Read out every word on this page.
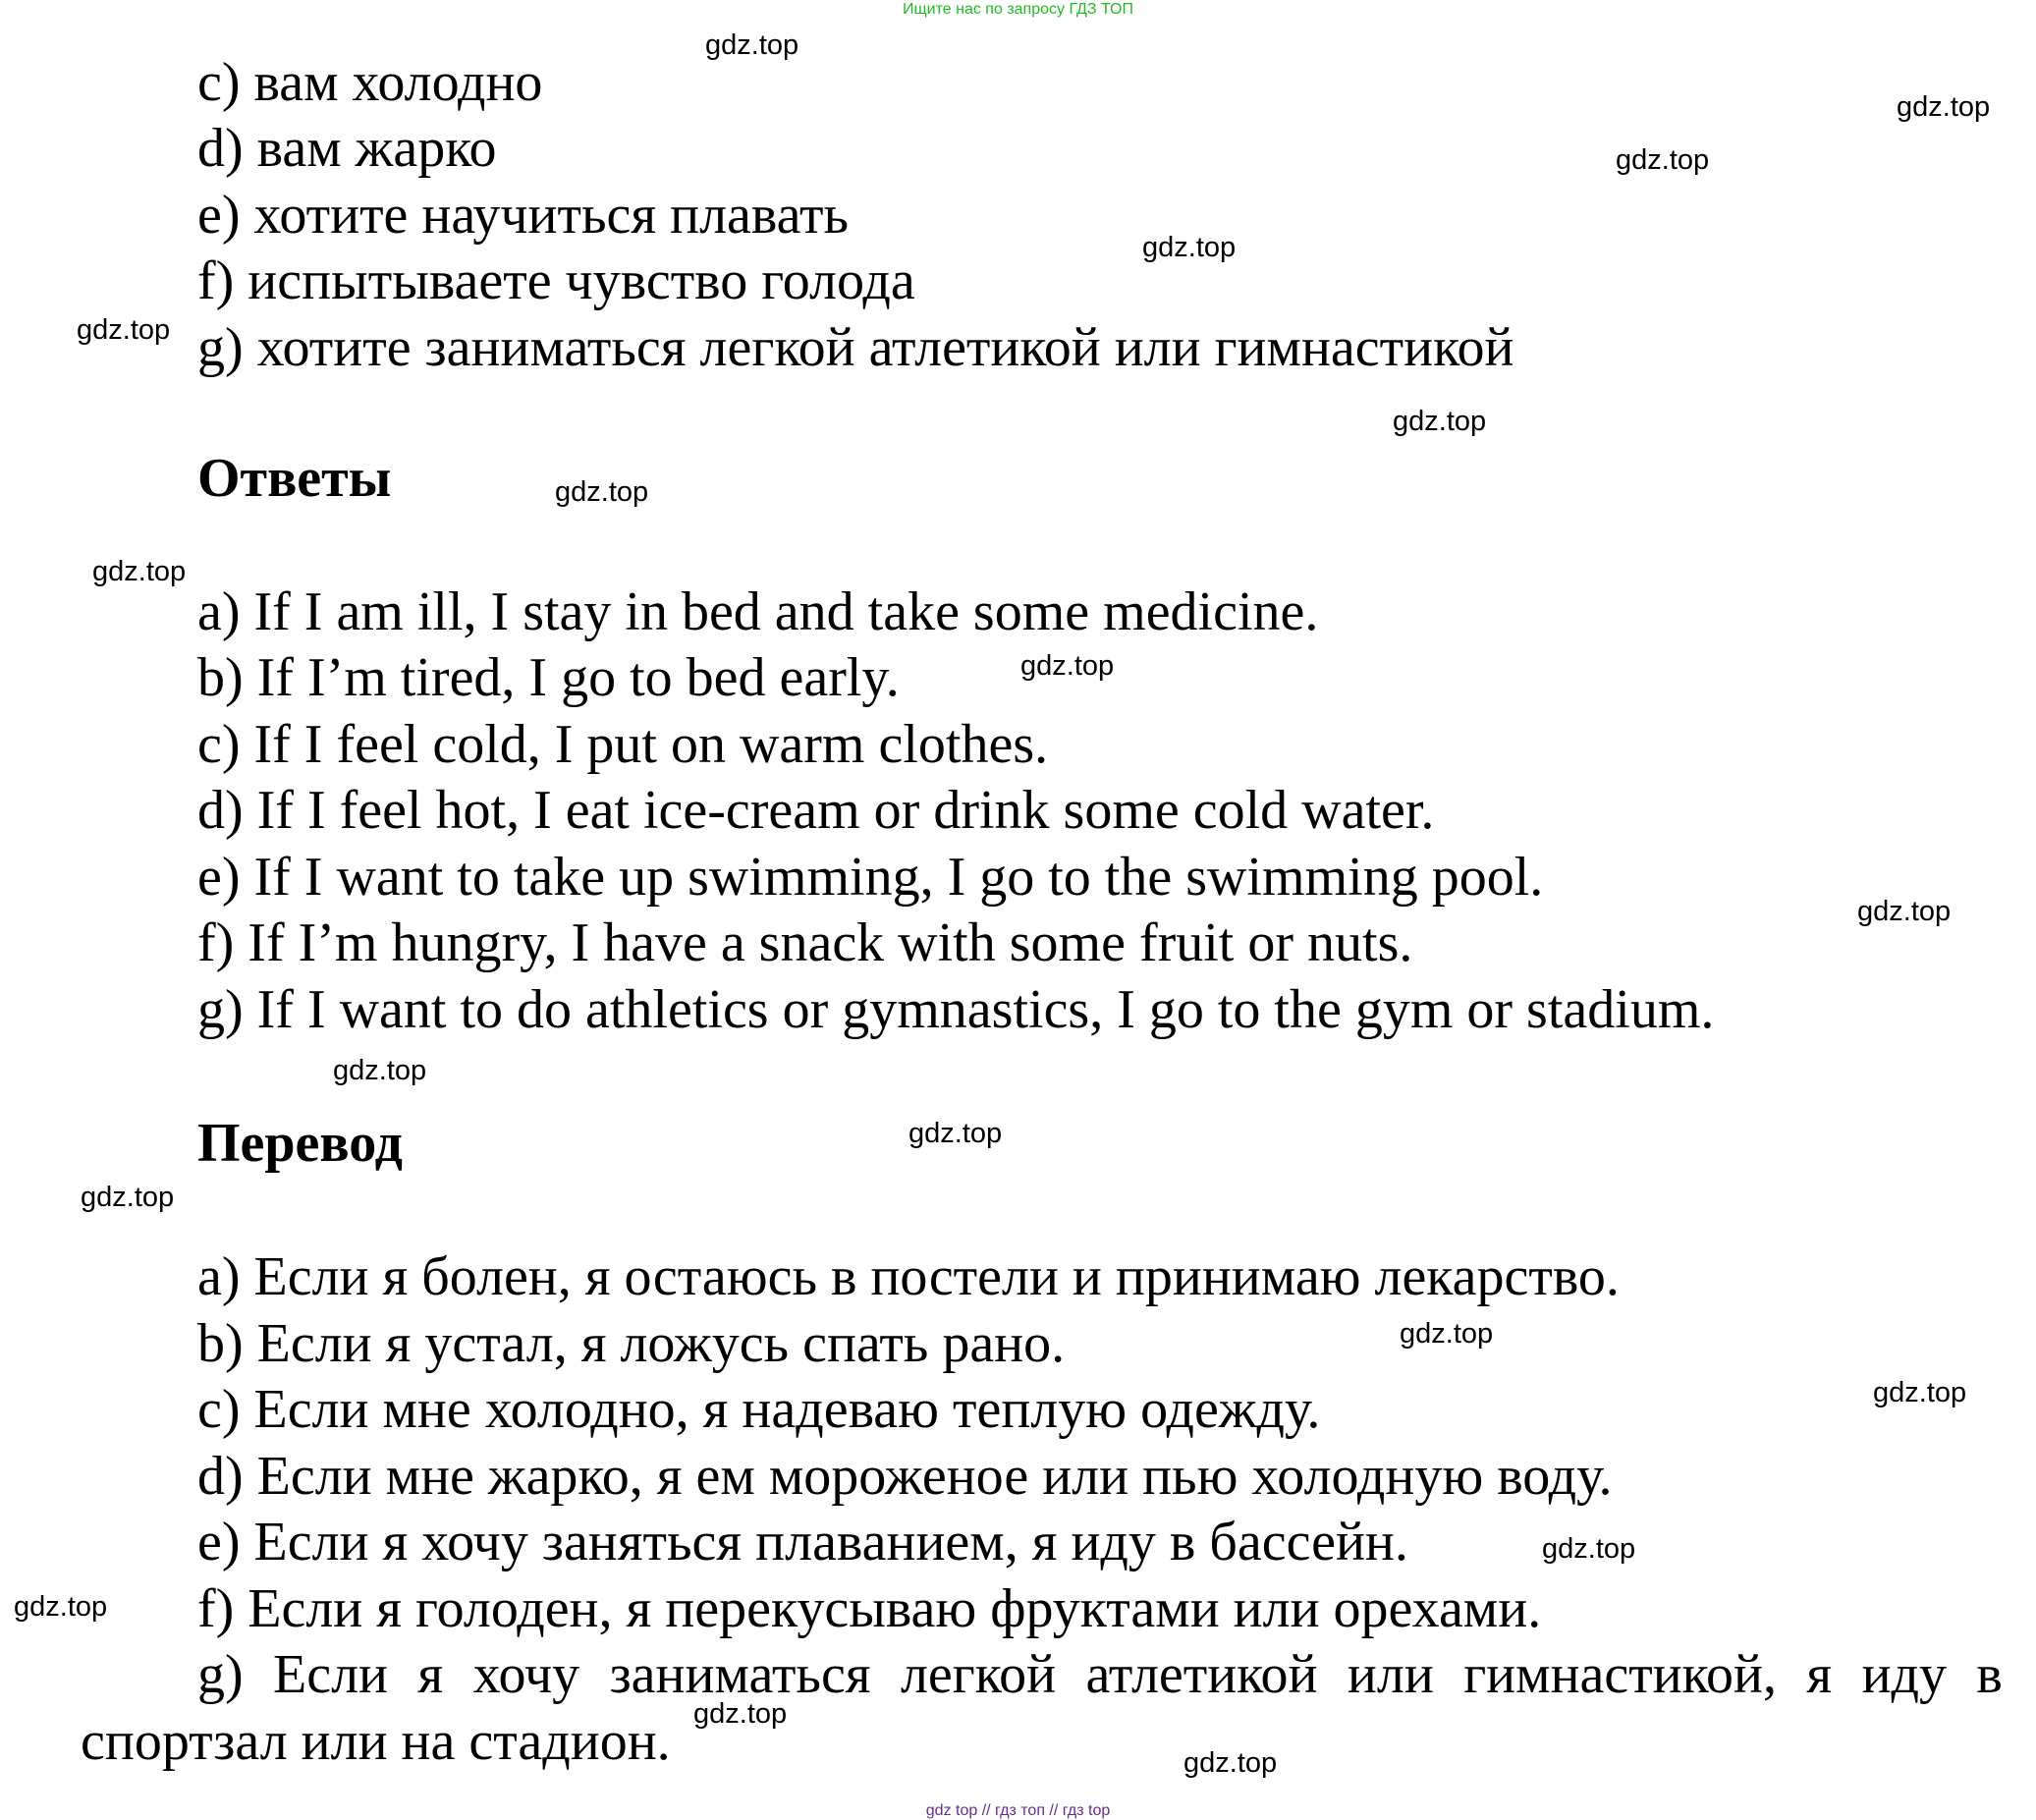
Ищите нас по запросу ГДЗ ТОП
c) вам холодно
d) вам жарко
e) хотите научиться плавать
f) испытываете чувство голода
g) хотите заниматься легкой атлетикой или гимнастикой
Ответы
a) If I am ill, I stay in bed and take some medicine.
b) If I’m tired, I go to bed early.
c) If I feel cold, I put on warm clothes.
d) If I feel hot, I eat ice-cream or drink some cold water.
e) If I want to take up swimming, I go to the swimming pool.
f) If I’m hungry, I have a snack with some fruit or nuts.
g) If I want to do athletics or gymnastics, I go to the gym or stadium.
Перевод
a) Если я болен, я остаюсь в постели и принимаю лекарство.
b) Если я устал, я ложусь спать рано.
c) Если мне холодно, я надеваю теплую одежду.
d) Если мне жарко, я ем мороженое или пью холодную воду.
e) Если я хочу заняться плаванием, я иду в бассейн.
f) Если я голоден, я перекусываю фруктами или орехами.
g) Если я хочу заниматься легкой атлетикой или гимнастикой, я иду в
спортзал или на стадион.
gdz.top
gdz.top
gdz.top
gdz.top
gdz.top
gdz.top
gdz.top
gdz.top
gdz.top
gdz.top
gdz.top
gdz.top
gdz.top
gdz.top
gdz.top
gdz.top
gdz.top
gdz.top
gdz.top
gdz top // гдз топ // гдз top
